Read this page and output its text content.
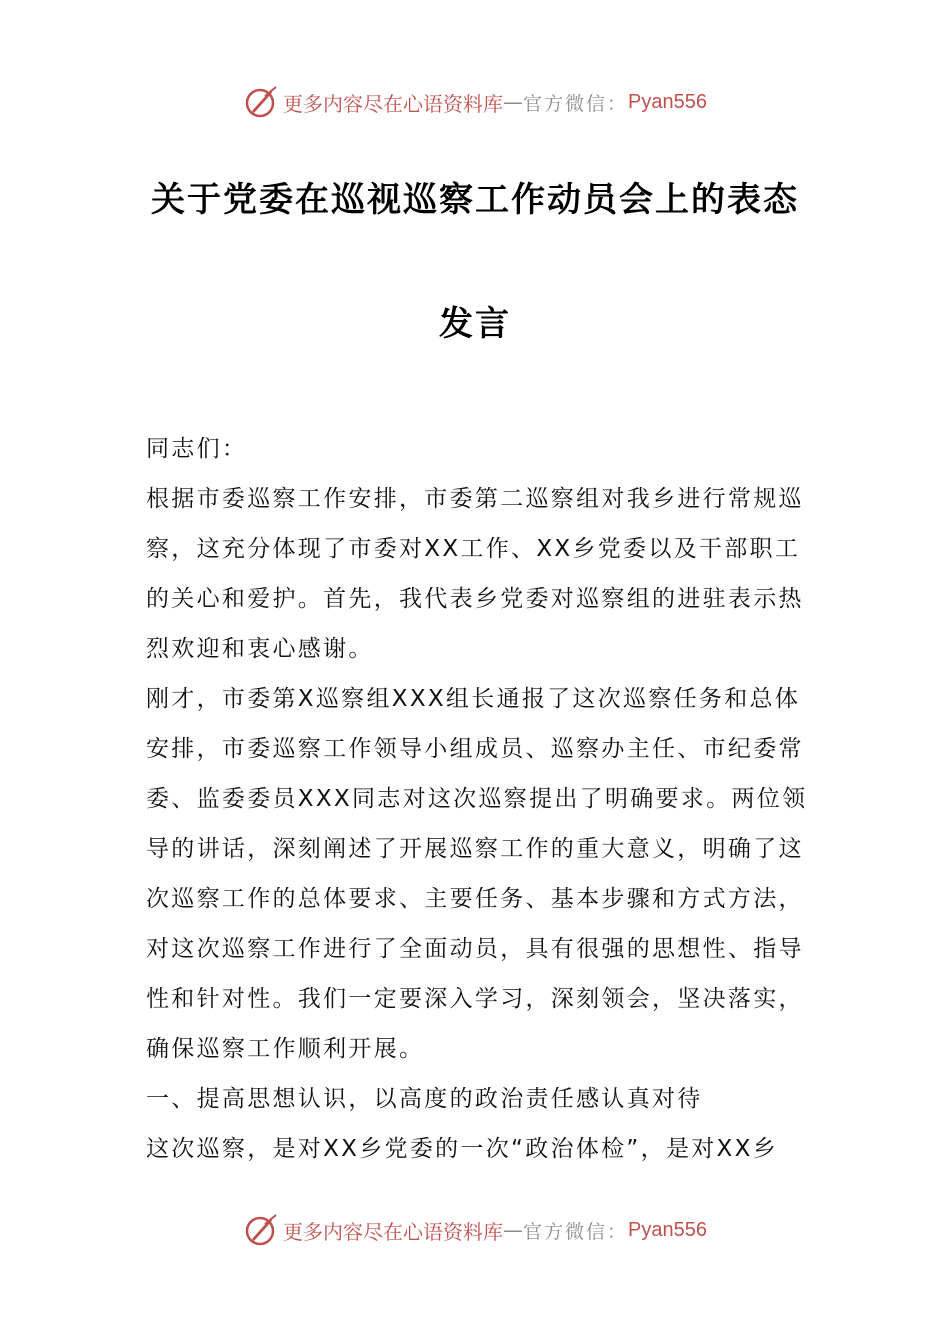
更多内容尽在心语资料库 — 官方微信： Pyan556
关于党委在巡视巡察工作动员会上的表态
发言

同志们：

根据市委巡察工作安排，市委第二巡察组对我乡进行常规巡察，这充分体现了市委对XX工作、XX乡党委以及干部职工的关心和爱护。首先，我代表乡党委对巡察组的进驻表示热烈欢迎和衷心感谢。

刚才，市委第X巡察组XXX组长通报了这次巡察任务和总体安排，市委巡察工作领导小组成员、巡察办主任、市纪委常委、监委委员XXX同志对这次巡察提出了明确要求。两位领导的讲话，深刻阐述了开展巡察工作的重大意义，明确了这次巡察工作的总体要求、主要任务、基本步骤和方式方法，对这次巡察工作进行了全面动员，具有很强的思想性、指导性和针对性。我们一定要深入学习，深刻领会，坚决落实，确保巡察工作顺利开展。

一、提高思想认识，以高度的政治责任感认真对待

这次巡察，是对XX乡党委的一次“政治体检”，是对XX乡

更多内容尽在心语资料库 — 官方微信： Pyan556
